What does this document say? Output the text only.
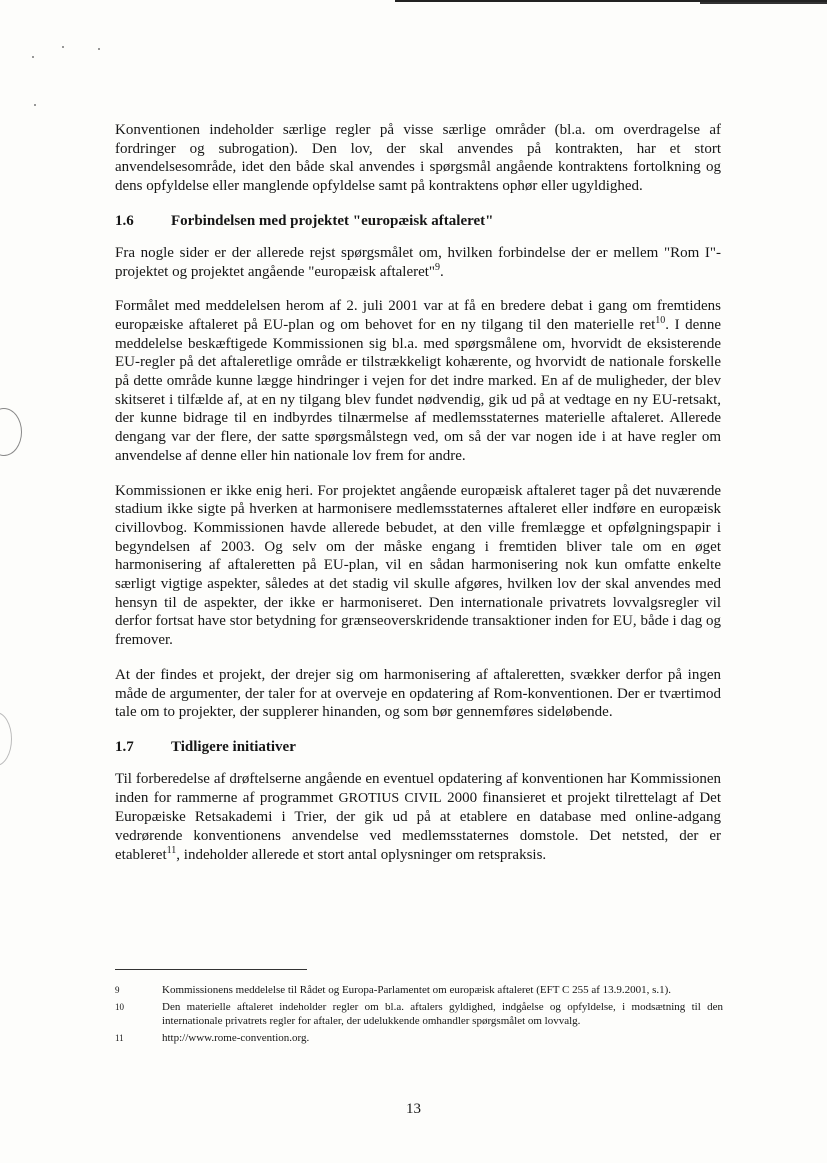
Konventionen indeholder særlige regler på visse særlige områder (bl.a. om overdragelse af fordringer og subrogation). Den lov, der skal anvendes på kontrakten, har et stort anvendelsesområde, idet den både skal anvendes i spørgsmål angående kontraktens fortolkning og dens opfyldelse eller manglende opfyldelse samt på kontraktens ophør eller ugyldighed.

1.6	Forbindelsen med projektet "europæisk aftaleret"

Fra nogle sider er der allerede rejst spørgsmålet om, hvilken forbindelse der er mellem "Rom I"-projektet og projektet angående "europæisk aftaleret"$^9$.

Formålet med meddelelsen herom af 2. juli 2001 var at få en bredere debat i gang om fremtidens europæiske aftaleret på EU-plan og om behovet for en ny tilgang til den materielle ret$^{10}$. I denne meddelelse beskæftigede Kommissionen sig bl.a. med spørgsmålene om, hvorvidt de eksisterende EU-regler på det aftaleretlige område er tilstrækkeligt kohærente, og hvorvidt de nationale forskelle på dette område kunne lægge hindringer i vejen for det indre marked. En af de muligheder, der blev skitseret i tilfælde af, at en ny tilgang blev fundet nødvendig, gik ud på at vedtage en ny EU-retsakt, der kunne bidrage til en indbyrdes tilnærmelse af medlemsstaternes materielle aftaleret. Allerede dengang var der flere, der satte spørgsmålstegn ved, om så der var nogen ide i at have regler om anvendelse af denne eller hin nationale lov frem for andre.

Kommissionen er ikke enig heri. For projektet angående europæisk aftaleret tager på det nuværende stadium ikke sigte på hverken at harmonisere medlemsstaternes aftaleret eller indføre en europæisk civillovbog. Kommissionen havde allerede bebudet, at den ville fremlægge et opfølgningspapir i begyndelsen af 2003. Og selv om der måske engang i fremtiden bliver tale om en øget harmonisering af aftaleretten på EU-plan, vil en sådan harmonisering nok kun omfatte enkelte særligt vigtige aspekter, således at det stadig vil skulle afgøres, hvilken lov der skal anvendes med hensyn til de aspekter, der ikke er harmoniseret. Den internationale privatrets lovvalgsregler vil derfor fortsat have stor betydning for grænseoverskridende transaktioner inden for EU, både i dag og fremover.

At der findes et projekt, der drejer sig om harmonisering af aftaleretten, svækker derfor på ingen måde de argumenter, der taler for at overveje en opdatering af Rom-konventionen. Der er tværtimod tale om to projekter, der supplerer hinanden, og som bør gennemføres sideløbende.

1.7	Tidligere initiativer

Til forberedelse af drøftelserne angående en eventuel opdatering af konventionen har Kommissionen inden for rammerne af programmet GROTIUS CIVIL 2000 finansieret et projekt tilrettelagt af Det Europæiske Retsakademi i Trier, der gik ud på at etablere en database med online-adgang vedrørende konventionens anvendelse ved medlemsstaternes domstole. Det netsted, der er etableret$^{11}$, indeholder allerede et stort antal oplysninger om retspraksis.

9	Kommissionens meddelelse til Rådet og Europa-Parlamentet om europæisk aftaleret (EFT C 255 af 13.9.2001, s.1).
10	Den materielle aftaleret indeholder regler om bl.a. aftalers gyldighed, indgåelse og opfyldelse, i modsætning til den internationale privatrets regler for aftaler, der udelukkende omhandler spørgsmålet om lovvalg.
11	http://www.rome-convention.org.
13
